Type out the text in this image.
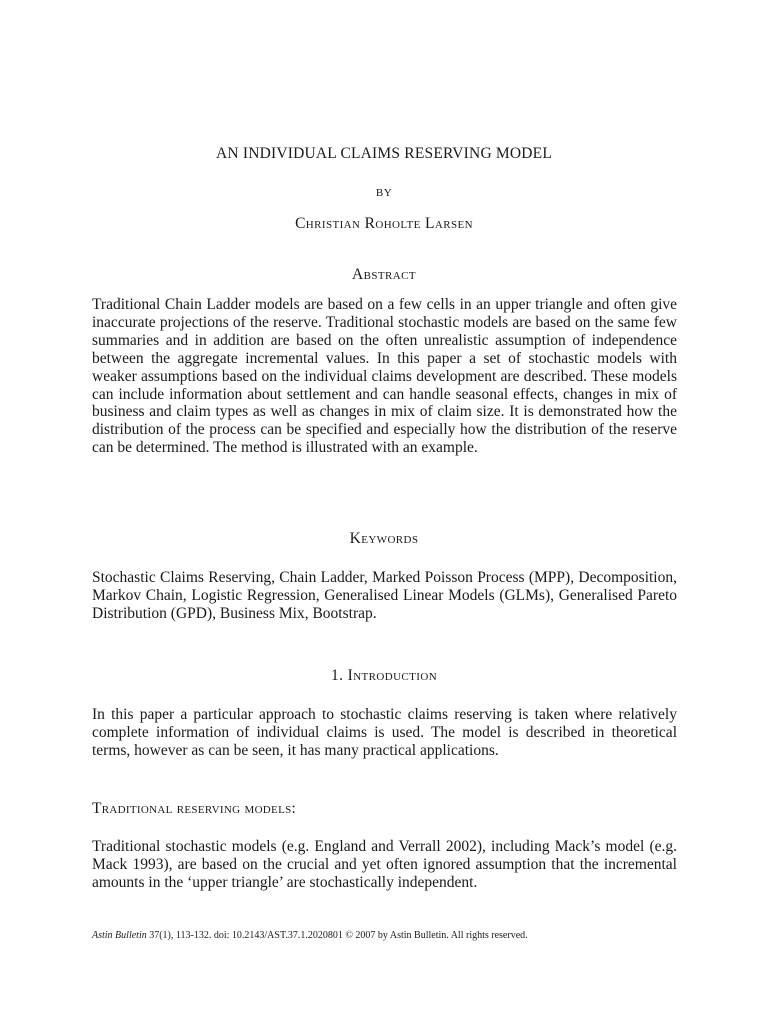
AN INDIVIDUAL CLAIMS RESERVING MODEL

BY

Christian Roholte Larsen

Abstract

Traditional Chain Ladder models are based on a few cells in an upper triangle and often give inaccurate projections of the reserve. Traditional stochastic models are based on the same few summaries and in addition are based on the often unrealistic assumption of independence between the aggregate incremental values. In this paper a set of stochastic models with weaker assumptions based on the individual claims development are described. These models can include information about settlement and can handle seasonal effects, changes in mix of business and claim types as well as changes in mix of claim size. It is demonstrated how the distribution of the process can be specified and especially how the distribution of the reserve can be determined. The method is illustrated with an example.

Keywords

Stochastic Claims Reserving, Chain Ladder, Marked Poisson Process (MPP), Decomposition, Markov Chain, Logistic Regression, Generalised Linear Models (GLMs), Generalised Pareto Distribution (GPD), Business Mix, Bootstrap.

1. Introduction

In this paper a particular approach to stochastic claims reserving is taken where relatively complete information of individual claims is used. The model is described in theoretical terms, however as can be seen, it has many practical applications.

Traditional reserving models:

Traditional stochastic models (e.g. England and Verrall 2002), including Mack’s model (e.g. Mack 1993), are based on the crucial and yet often ignored assumption that the incremental amounts in the ‘upper triangle’ are stochastically independent.

Astin Bulletin 37(1), 113-132. doi: 10.2143/AST.37.1.2020801 © 2007 by Astin Bulletin. All rights reserved.
